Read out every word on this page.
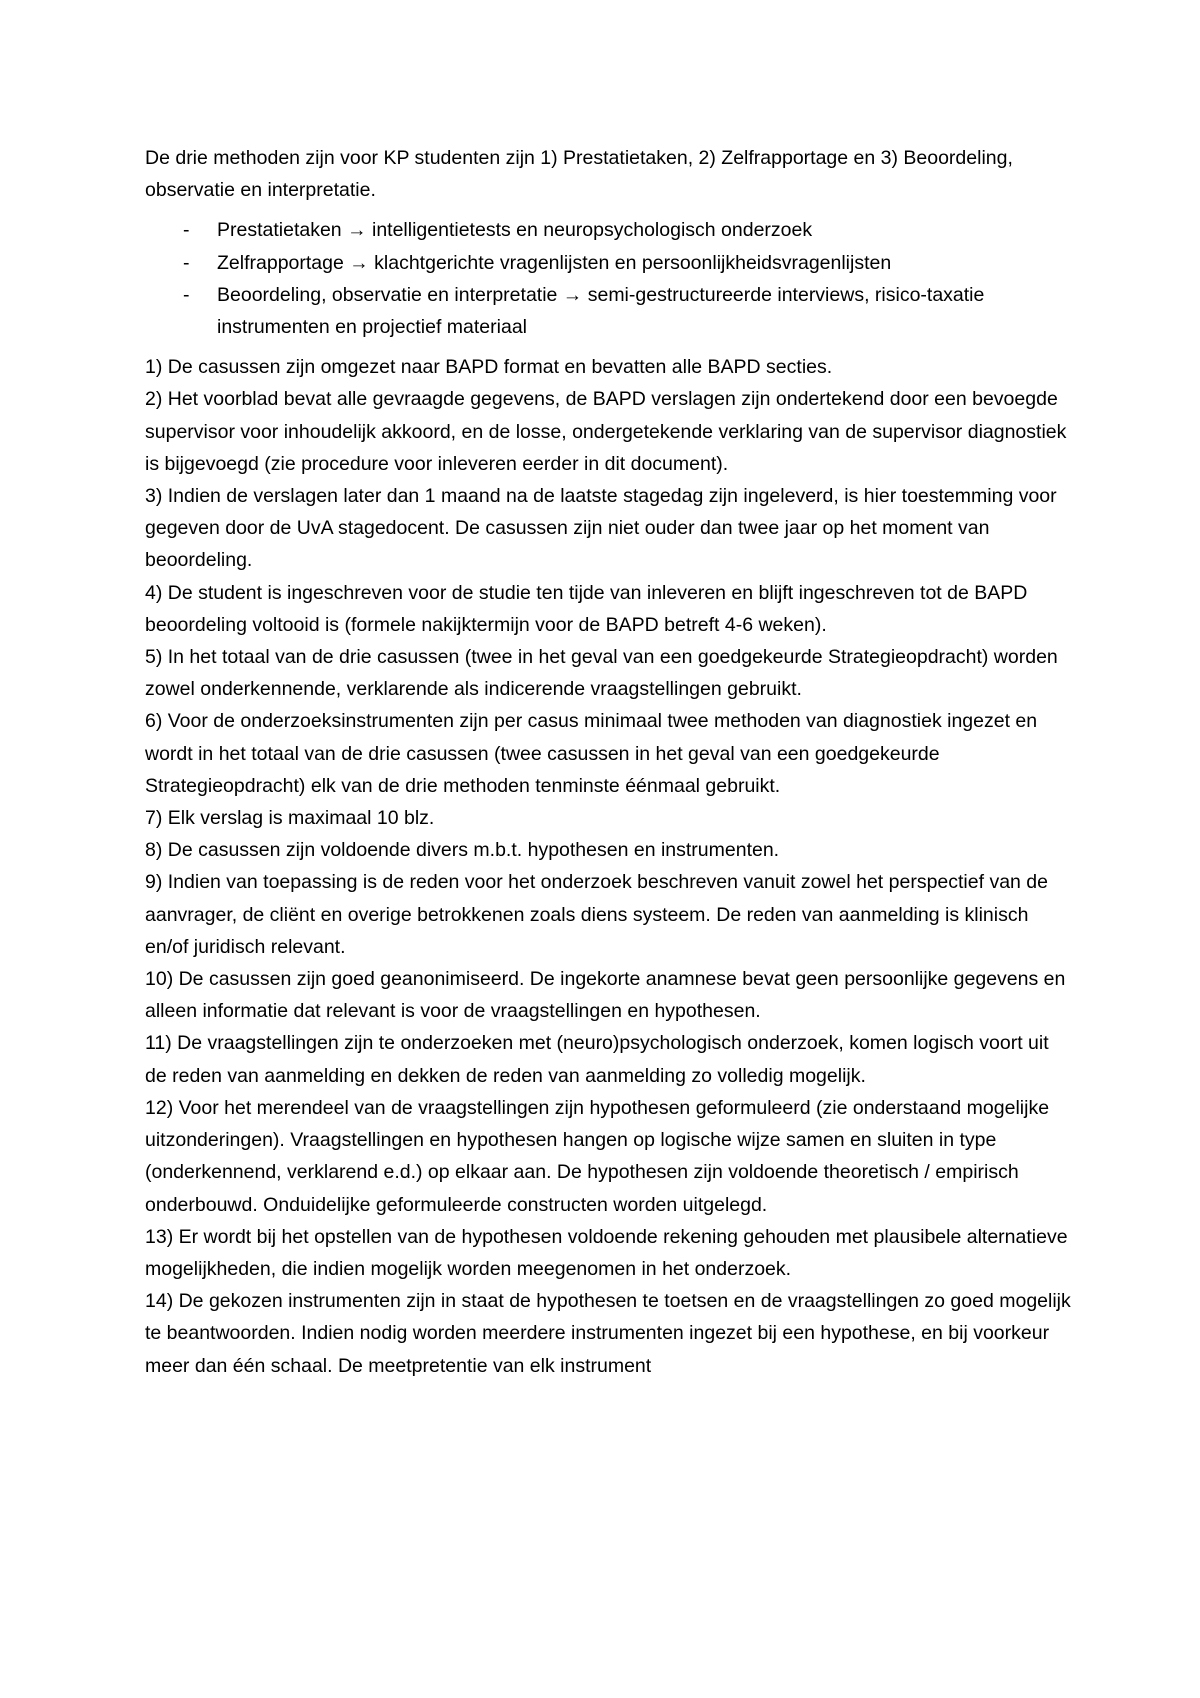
De drie methoden zijn voor KP studenten zijn 1) Prestatietaken, 2) Zelfrapportage en 3) Beoordeling, observatie en interpretatie.

- Prestatietaken → intelligentietests en neuropsychologisch onderzoek
- Zelfrapportage → klachtgerichte vragenlijsten en persoonlijkheidsvragenlijsten
- Beoordeling, observatie en interpretatie → semi-gestructureerde interviews, risico-taxatie instrumenten en projectief materiaal

1) De casussen zijn omgezet naar BAPD format en bevatten alle BAPD secties.

2) Het voorblad bevat alle gevraagde gegevens, de BAPD verslagen zijn ondertekend door een bevoegde supervisor voor inhoudelijk akkoord, en de losse, ondergetekende verklaring van de supervisor diagnostiek is bijgevoegd (zie procedure voor inleveren eerder in dit document).

3) Indien de verslagen later dan 1 maand na de laatste stagedag zijn ingeleverd, is hier toestemming voor gegeven door de UvA stagedocent. De casussen zijn niet ouder dan twee jaar op het moment van beoordeling.

4) De student is ingeschreven voor de studie ten tijde van inleveren en blijft ingeschreven tot de BAPD beoordeling voltooid is (formele nakijktermijn voor de BAPD betreft 4-6 weken).

5) In het totaal van de drie casussen (twee in het geval van een goedgekeurde Strategieopdracht) worden zowel onderkennende, verklarende als indicerende vraagstellingen gebruikt.

6) Voor de onderzoeksinstrumenten zijn per casus minimaal twee methoden van diagnostiek ingezet en wordt in het totaal van de drie casussen (twee casussen in het geval van een goedgekeurde Strategieopdracht) elk van de drie methoden tenminste éénmaal gebruikt.

7) Elk verslag is maximaal 10 blz.

8) De casussen zijn voldoende divers m.b.t. hypothesen en instrumenten.

9) Indien van toepassing is de reden voor het onderzoek beschreven vanuit zowel het perspectief van de aanvrager, de cliënt en overige betrokkenen zoals diens systeem. De reden van aanmelding is klinisch en/of juridisch relevant.

10) De casussen zijn goed geanonimiseerd. De ingekorte anamnese bevat geen persoonlijke gegevens en alleen informatie dat relevant is voor de vraagstellingen en hypothesen.

11) De vraagstellingen zijn te onderzoeken met (neuro)psychologisch onderzoek, komen logisch voort uit de reden van aanmelding en dekken de reden van aanmelding zo volledig mogelijk.

12) Voor het merendeel van de vraagstellingen zijn hypothesen geformuleerd (zie onderstaand mogelijke uitzonderingen). Vraagstellingen en hypothesen hangen op logische wijze samen en sluiten in type (onderkennend, verklarend e.d.) op elkaar aan. De hypothesen zijn voldoende theoretisch / empirisch onderbouwd. Onduidelijke geformuleerde constructen worden uitgelegd.

13) Er wordt bij het opstellen van de hypothesen voldoende rekening gehouden met plausibele alternatieve mogelijkheden, die indien mogelijk worden meegenomen in het onderzoek.

14) De gekozen instrumenten zijn in staat de hypothesen te toetsen en de vraagstellingen zo goed mogelijk te beantwoorden. Indien nodig worden meerdere instrumenten ingezet bij een hypothese, en bij voorkeur meer dan één schaal. De meetpretentie van elk instrument
